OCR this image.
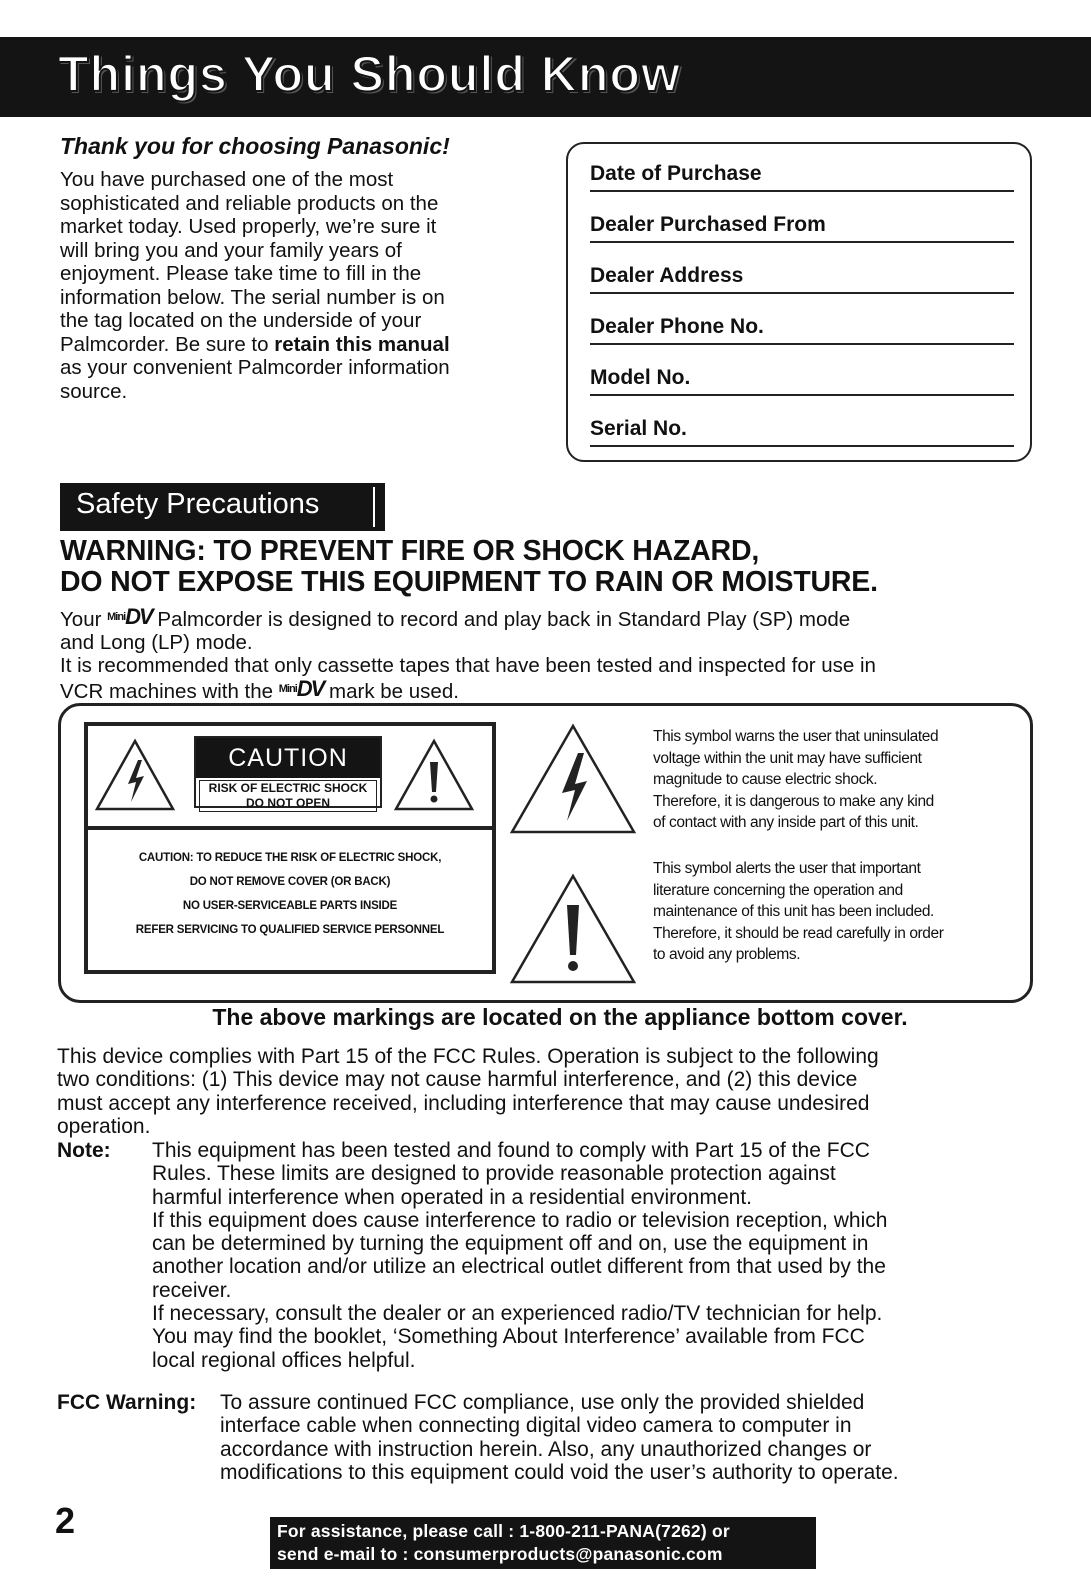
Things You Should Know
Thank you for choosing Panasonic!

You have purchased one of the most
sophisticated and reliable products on the
market today. Used properly, we’re sure it
will bring you and your family years of
enjoyment. Please take time to fill in the
information below. The serial number is on
the tag located on the underside of your
Palmcorder. Be sure to retain this manual
as your convenient Palmcorder information
source.

Date of Purchase
Dealer Purchased From
Dealer Address
Dealer Phone No.
Model No.
Serial No.
Safety Precautions
WARNING: TO PREVENT FIRE OR SHOCK HAZARD,
DO NOT EXPOSE THIS EQUIPMENT TO RAIN OR MOISTURE.
Your $^{MiniDV}$ Palmcorder is designed to record and play back in Standard Play (SP) mode
and Long (LP) mode.
It is recommended that only cassette tapes that have been tested and inspected for use in
VCR machines with the $^{MiniDV}$ mark be used.
CAUTION
RISK OF ELECTRIC SHOCK
DO NOT OPEN
CAUTION: TO REDUCE THE RISK OF ELECTRIC SHOCK,
DO NOT REMOVE COVER (OR BACK)
NO USER-SERVICEABLE PARTS INSIDE
REFER SERVICING TO QUALIFIED SERVICE PERSONNEL
This symbol warns the user that uninsulated
voltage within the unit may have sufficient
magnitude to cause electric shock.
Therefore, it is dangerous to make any kind
of contact with any inside part of this unit.
This symbol alerts the user that important
literature concerning the operation and
maintenance of this unit has been included.
Therefore, it should be read carefully in order
to avoid any problems.
The above markings are located on the appliance bottom cover.
This device complies with Part 15 of the FCC Rules. Operation is subject to the following
two conditions: (1) This device may not cause harmful interference, and (2) this device
must accept any interference received, including interference that may cause undesired
operation.
Note: This equipment has been tested and found to comply with Part 15 of the FCC
Rules. These limits are designed to provide reasonable protection against
harmful interference when operated in a residential environment.
If this equipment does cause interference to radio or television reception, which
can be determined by turning the equipment off and on, use the equipment in
another location and/or utilize an electrical outlet different from that used by the
receiver.
If necessary, consult the dealer or an experienced radio/TV technician for help.
You may find the booklet, ‘Something About Interference’ available from FCC
local regional offices helpful.
FCC Warning: To assure continued FCC compliance, use only the provided shielded
interface cable when connecting digital video camera to computer in
accordance with instruction herein. Also, any unauthorized changes or
modifications to this equipment could void the user’s authority to operate.
2	For assistance, please call : 1-800-211-PANA(7262) or
send e-mail to : consumerproducts@panasonic.com
